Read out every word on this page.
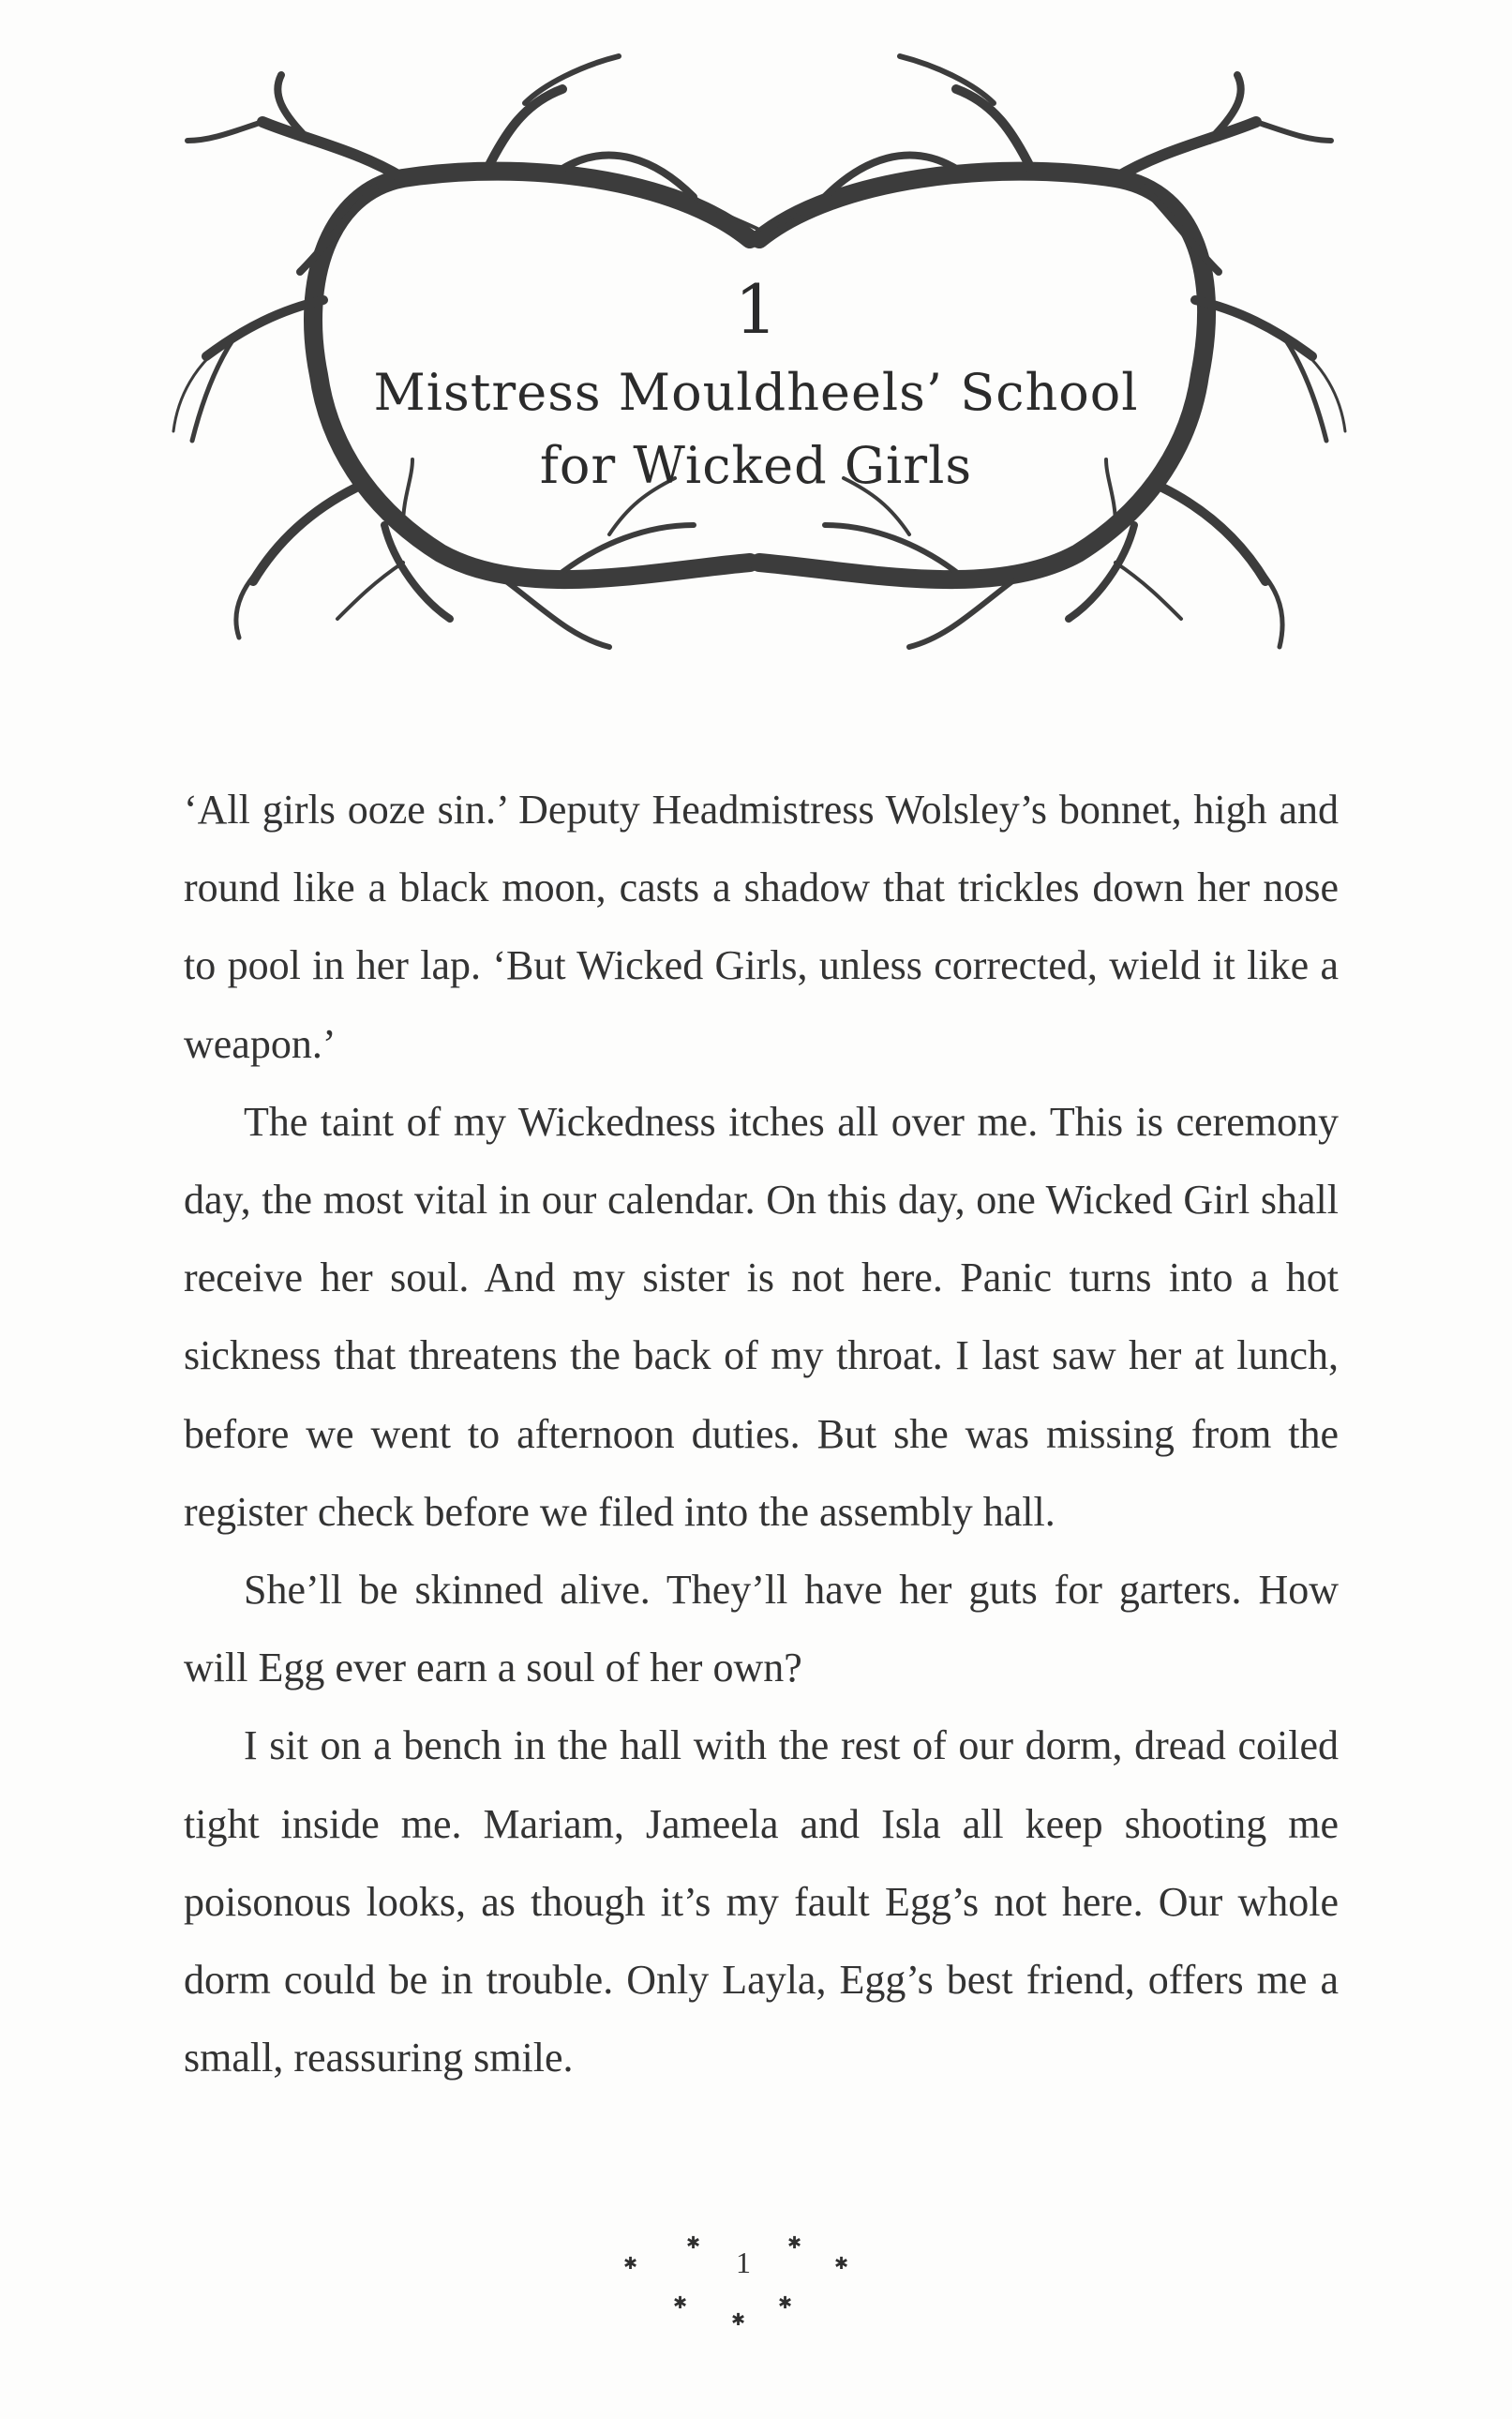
1
Mistress Mouldheels’ School
for Wicked Girls

‘All girls ooze sin.’ Deputy Headmistress Wolsley’s bonnet, high and round like a black moon, casts a shadow that trickles down her nose to pool in her lap. ‘But Wicked Girls, unless corrected, wield it like a weapon.’

The taint of my Wickedness itches all over me. This is ceremony day, the most vital in our calendar. On this day, one Wicked Girl shall receive her soul. And my sister is not here. Panic turns into a hot sickness that threatens the back of my throat. I last saw her at lunch, before we went to afternoon duties. But she was missing from the register check before we filed into the assembly hall.

She’ll be skinned alive. They’ll have her guts for garters. How will Egg ever earn a soul of her own?

I sit on a bench in the hall with the rest of our dorm, dread coiled tight inside me. Mariam, Jameela and Isla all keep shooting me poisonous looks, as though it’s my fault Egg’s not here. Our whole dorm could be in trouble. Only Layla, Egg’s best friend, offers me a small, reassuring smile.

✱
✱
✱
✱
1
✱
✱
✱
